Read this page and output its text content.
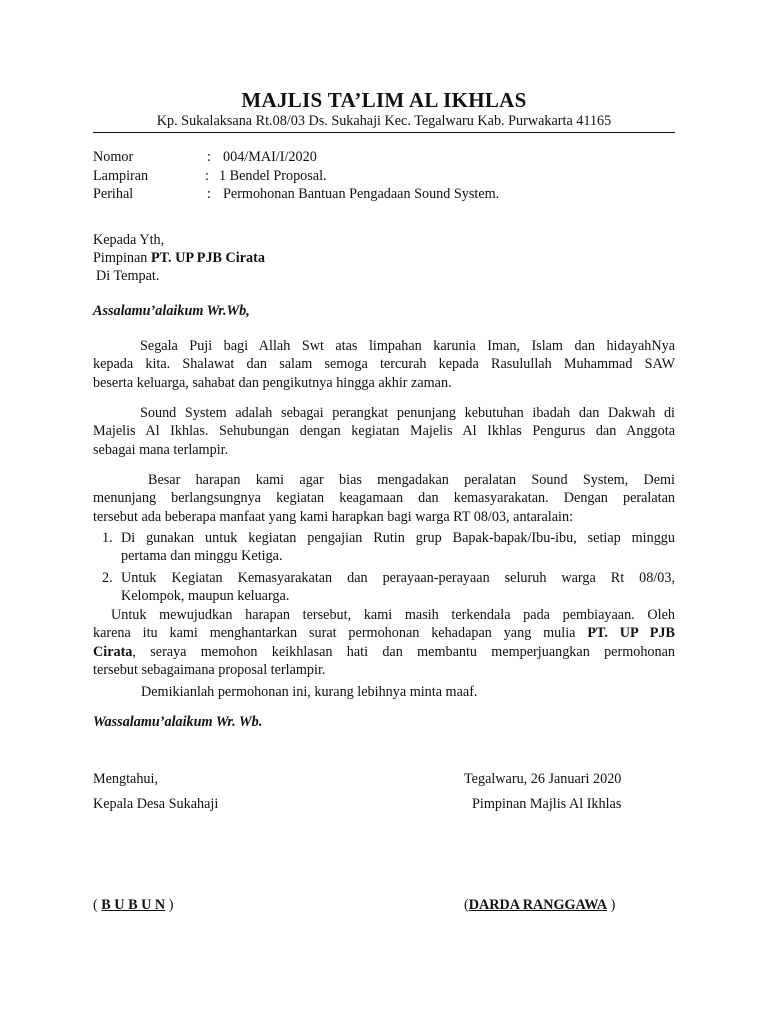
MAJLIS TA’LIM AL IKHLAS
Kp. Sukalaksana Rt.08/03 Ds. Sukahaji Kec. Tegalwaru Kab. Purwakarta 41165
Nomor	: 004/MAI/I/2020
Lampiran	: 1 Bendel Proposal.
Perihal	: Permohonan Bantuan Pengadaan Sound System.
Kepada Yth,
Pimpinan PT. UP PJB Cirata
Di Tempat.
Assalamu’alaikum Wr.Wb,
Segala Puji bagi Allah Swt atas limpahan karunia Iman, Islam dan hidayahNya
kepada kita. Shalawat dan salam semoga tercurah kepada Rasulullah Muhammad SAW
beserta keluarga, sahabat dan pengikutnya hingga akhir zaman.
Sound System adalah sebagai perangkat penunjang kebutuhan ibadah dan Dakwah di
Majelis Al Ikhlas. Sehubungan dengan kegiatan Majelis Al Ikhlas Pengurus dan Anggota
sebagai mana terlampir.
Besar harapan kami agar bias mengadakan peralatan Sound System, Demi
menunjang berlangsungnya kegiatan keagamaan dan kemasyarakatan. Dengan peralatan
tersebut ada beberapa manfaat yang kami harapkan bagi warga RT 08/03, antaralain:
1. Di gunakan untuk kegiatan pengajian Rutin grup Bapak-bapak/Ibu-ibu, setiap minggu
pertama dan minggu Ketiga.
2. Untuk Kegiatan Kemasyarakatan dan perayaan-perayaan seluruh warga Rt 08/03,
Kelompok, maupun keluarga.
Untuk mewujudkan harapan tersebut, kami masih terkendala pada pembiayaan. Oleh
karena itu kami menghantarkan surat permohonan kehadapan yang mulia PT. UP PJB
Cirata, seraya memohon keikhlasan hati dan membantu memperjuangkan permohonan
tersebut sebagaimana proposal terlampir.
Demikianlah permohonan ini, kurang lebihnya minta maaf.
Wassalamu’alaikum Wr. Wb.
Mengtahui,
Kepala Desa Sukahaji
( B U B U N )
Tegalwaru, 26 Januari 2020
Pimpinan Majlis Al Ikhlas
(DARDA RANGGAWA )
